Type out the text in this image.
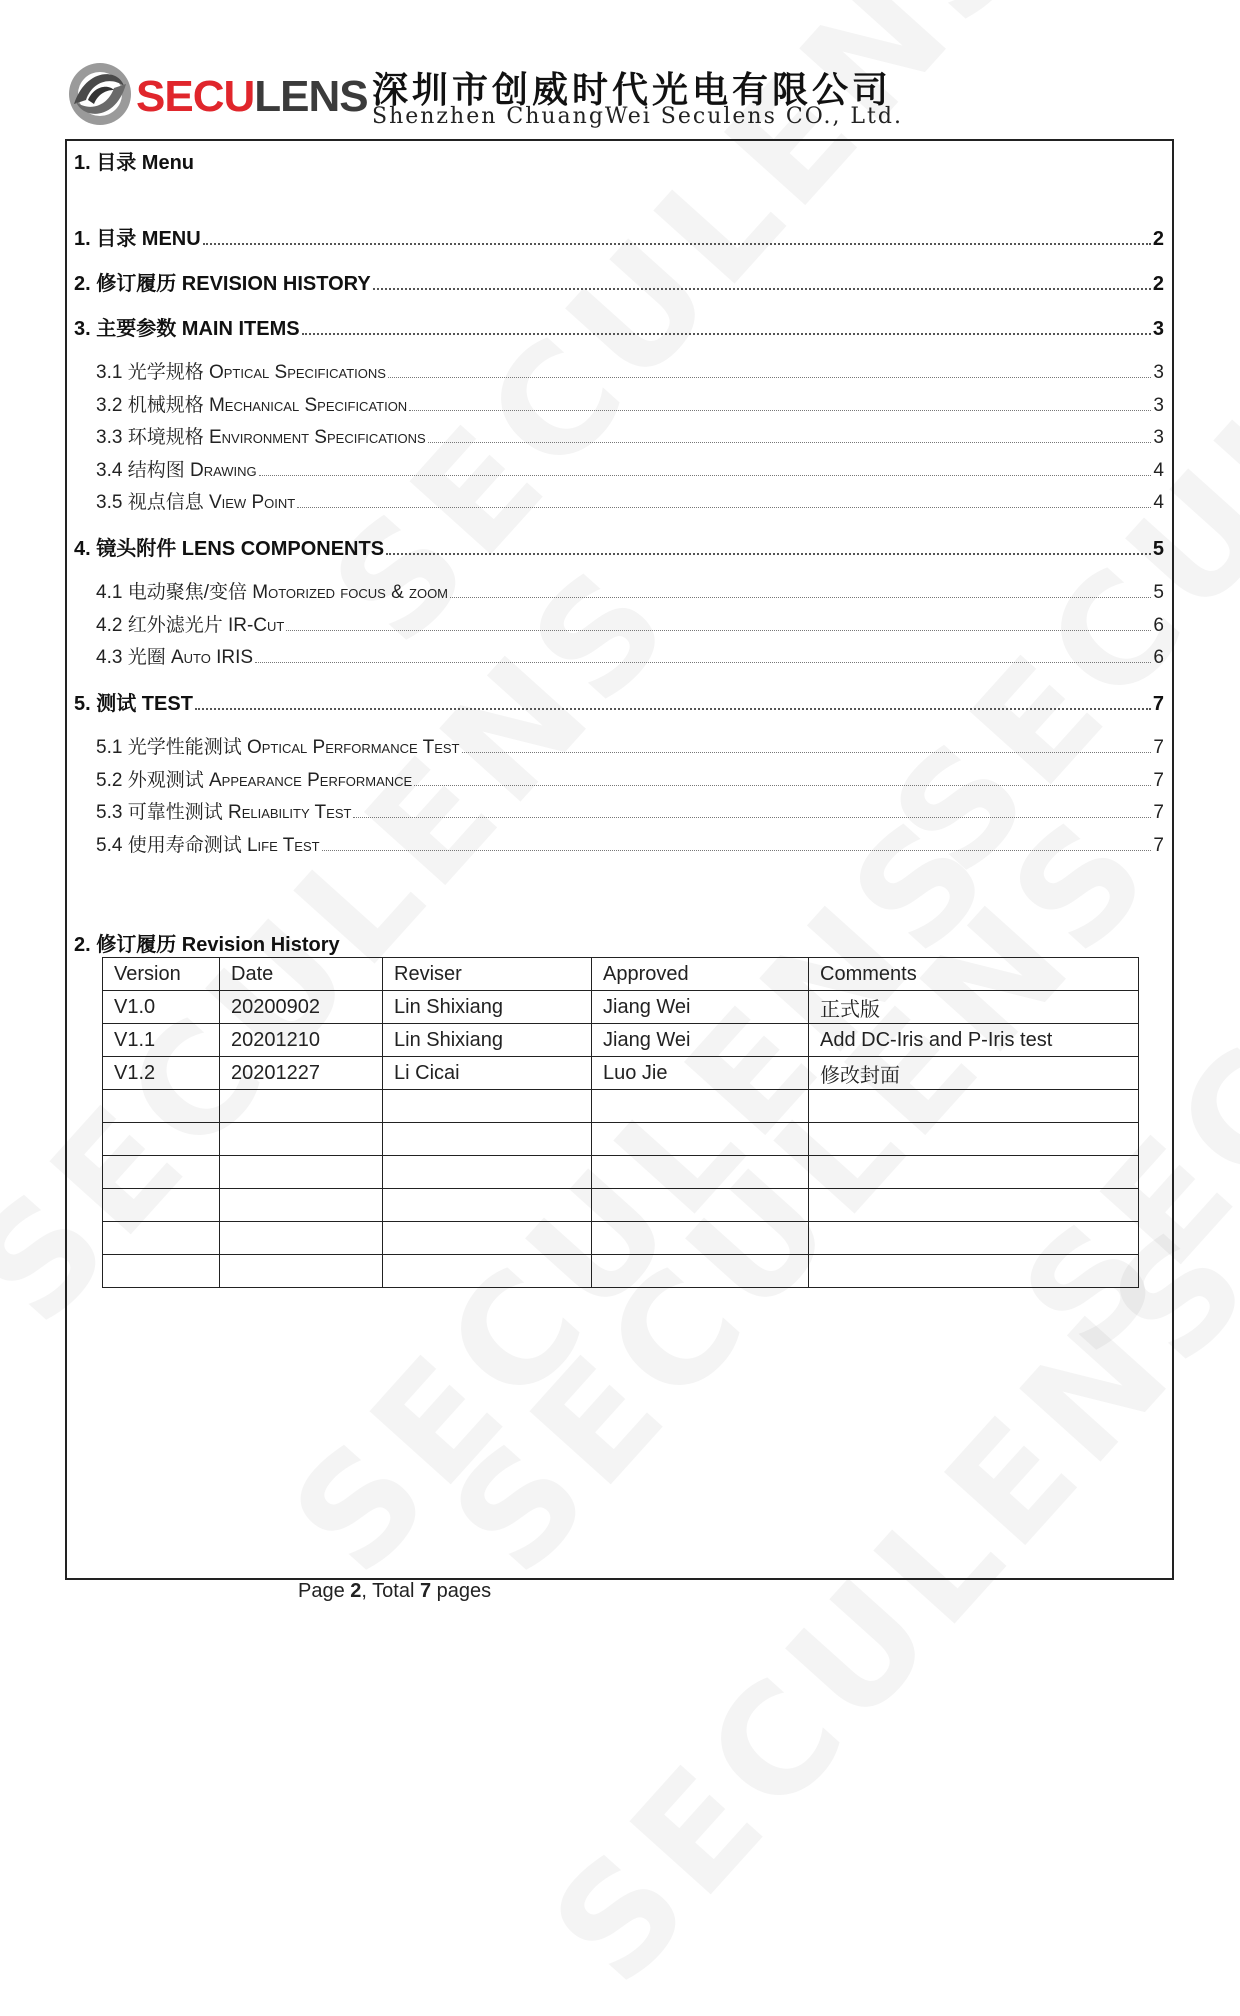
SECULENS 深圳市创威时代光电有限公司
Shenzhen ChuangWei Seculens CO., Ltd.
1. 目录 Menu
1. 目录 MENU	2
2. 修订履历 REVISION HISTORY	2
3. 主要参数 MAIN ITEMS	3
3.1 光学规格 Optical Specifications	3
3.2 机械规格 Mechanical Specification	3
3.3 环境规格 Environment Specifications	3
3.4 结构图 Drawing	4
3.5 视点信息 View Point	4
4. 镜头附件 LENS COMPONENTS	5
4.1 电动聚焦/变倍 Motorized focus & zoom	5
4.2 红外滤光片 IR-Cut	6
4.3 光圈 Auto IRIS	6
5. 测试 TEST	7
5.1 光学性能测试 Optical Performance Test	7
5.2 外观测试 Appearance Performance	7
5.3 可靠性测试 Reliability Test	7
5.4 使用寿命测试 Life Test	7
2. 修订履历 Revision History
Version	Date	Reviser	Approved	Comments
V1.0	20200902	Lin Shixiang	Jiang Wei	正式版
V1.1	20201210	Lin Shixiang	Jiang Wei	Add DC-Iris and P-Iris test
V1.2	20201227	Li Cicai	Luo Jie	修改封面

Page 2, Total 7 pages
